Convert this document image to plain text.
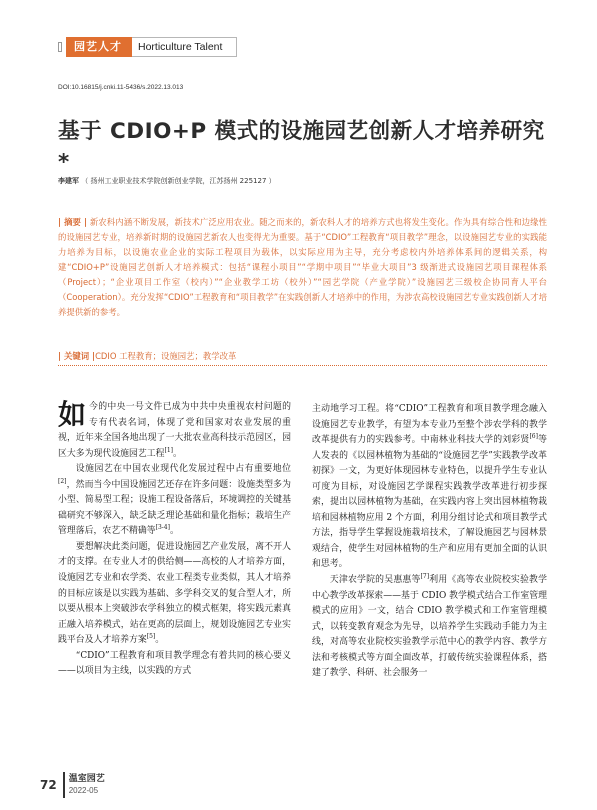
园艺人才	Horticulture Talent
DOI:10.16815/j.cnki.11-5436/s.2022.13.013
基于 CDIO+P 模式的设施园艺创新人才培养研究 *
李建军 （ 扬州工业职业技术学院创新创业学院，江苏扬州 225127 ）

| 摘要 | 新农科内涵不断发展，新技术广泛应用农业。随之而来的，新农科人才的培养方式也将发生变化。作为具有综合性和边缘性的设施园艺专业，培养新时期的设施园艺新农人也变得尤为重要。基于“CDIO”工程教育“项目教学”理念，以设施园艺专业的实践能力培养为目标，以设施农业企业的实际工程项目为载体，以实际应用为主导，充分考虑校内外培养体系间的逻辑关系，构建“CDIO+P”设施园艺创新人才培养模式：包括“课程小项目”“学期中项目”“毕业大项目”3 级渐进式设施园艺项目课程体系（Project）；“企业项目工作室（校内）”“企业教学工坊（校外）”“园艺学院（产业学院）”设施园艺三级校企协同育人平台（Cooperation）。充分发挥“CDIO”工程教育和“项目教学”在实践创新人才培养中的作用，为涉农高校设施园艺专业实践创新人才培养提供新的参考。

| 关键词 |CDIO 工程教育；设施园艺；教学改革

如今的中央一号文件已成为中共中央重视农村问题的专有代表名词，体现了党和国家对农业发展的重视，近年来全国各地出现了一大批农业高科技示范园区，园区大多为现代设施园艺工程[1]。

设施园艺在中国农业现代化发展过程中占有重要地位[2]，然而当今中国设施园艺还存在许多问题：设施类型多为小型、简易型工程；设施工程设备落后，环境调控的关键基础研究不够深入，缺乏缺乏理论基础和量化指标；栽培生产管理落后，农艺不精确等[3-4]。

要想解决此类问题，促进设施园艺产业发展，离不开人才的支撑。在专业人才的供给侧——高校的人才培养方面，设施园艺专业和农学类、农业工程类专业类似，其人才培养的目标应该是以实践为基础、多学科交叉的复合型人才，所以要从根本上突破涉农学科独立的模式框架，将实践元素真正融入培养模式，站在更高的层面上，规划设施园艺专业实践平台及人才培养方案[5]。

“CDIO”工程教育和项目教学理念有着共同的核心要义——以项目为主线，以实践的方式

主动地学习工程。将“CDIO”工程教育和项目教学理念融入设施园艺专业教学，有望为本专业乃至整个涉农学科的教学改革提供有力的实践参考。中南林业科技大学的刘彩贤[6]等人发表的《以园林植物为基础的“设施园艺学”实践教学改革初探》一文，为更好体现园林专业特色，以提升学生专业认可度为目标，对设施园艺学课程实践教学改革进行初步探索，提出以园林植物为基础，在实践内容上突出园林植物栽培和园林植物应用 2 个方面，利用分组讨论式和项目教学式方法，指导学生掌握设施栽培技术，了解设施园艺与园林景观结合，使学生对园林植物的生产和应用有更加全面的认识和思考。

天津农学院的吴惠惠等[7]利用《高等农业院校实验教学中心教学改革探索——基于 CDIO 教学模式结合工作室管理模式的应用》一文，结合 CDIO 教学模式和工作室管理模式，以转变教育观念为先导，以培养学生实践动手能力为主线，对高等农业院校实验教学示范中心的教学内容、教学方法和考核模式等方面全面改革，打破传统实验课程体系，搭建了教学、科研、社会服务一

72 温室园艺
2022-05
